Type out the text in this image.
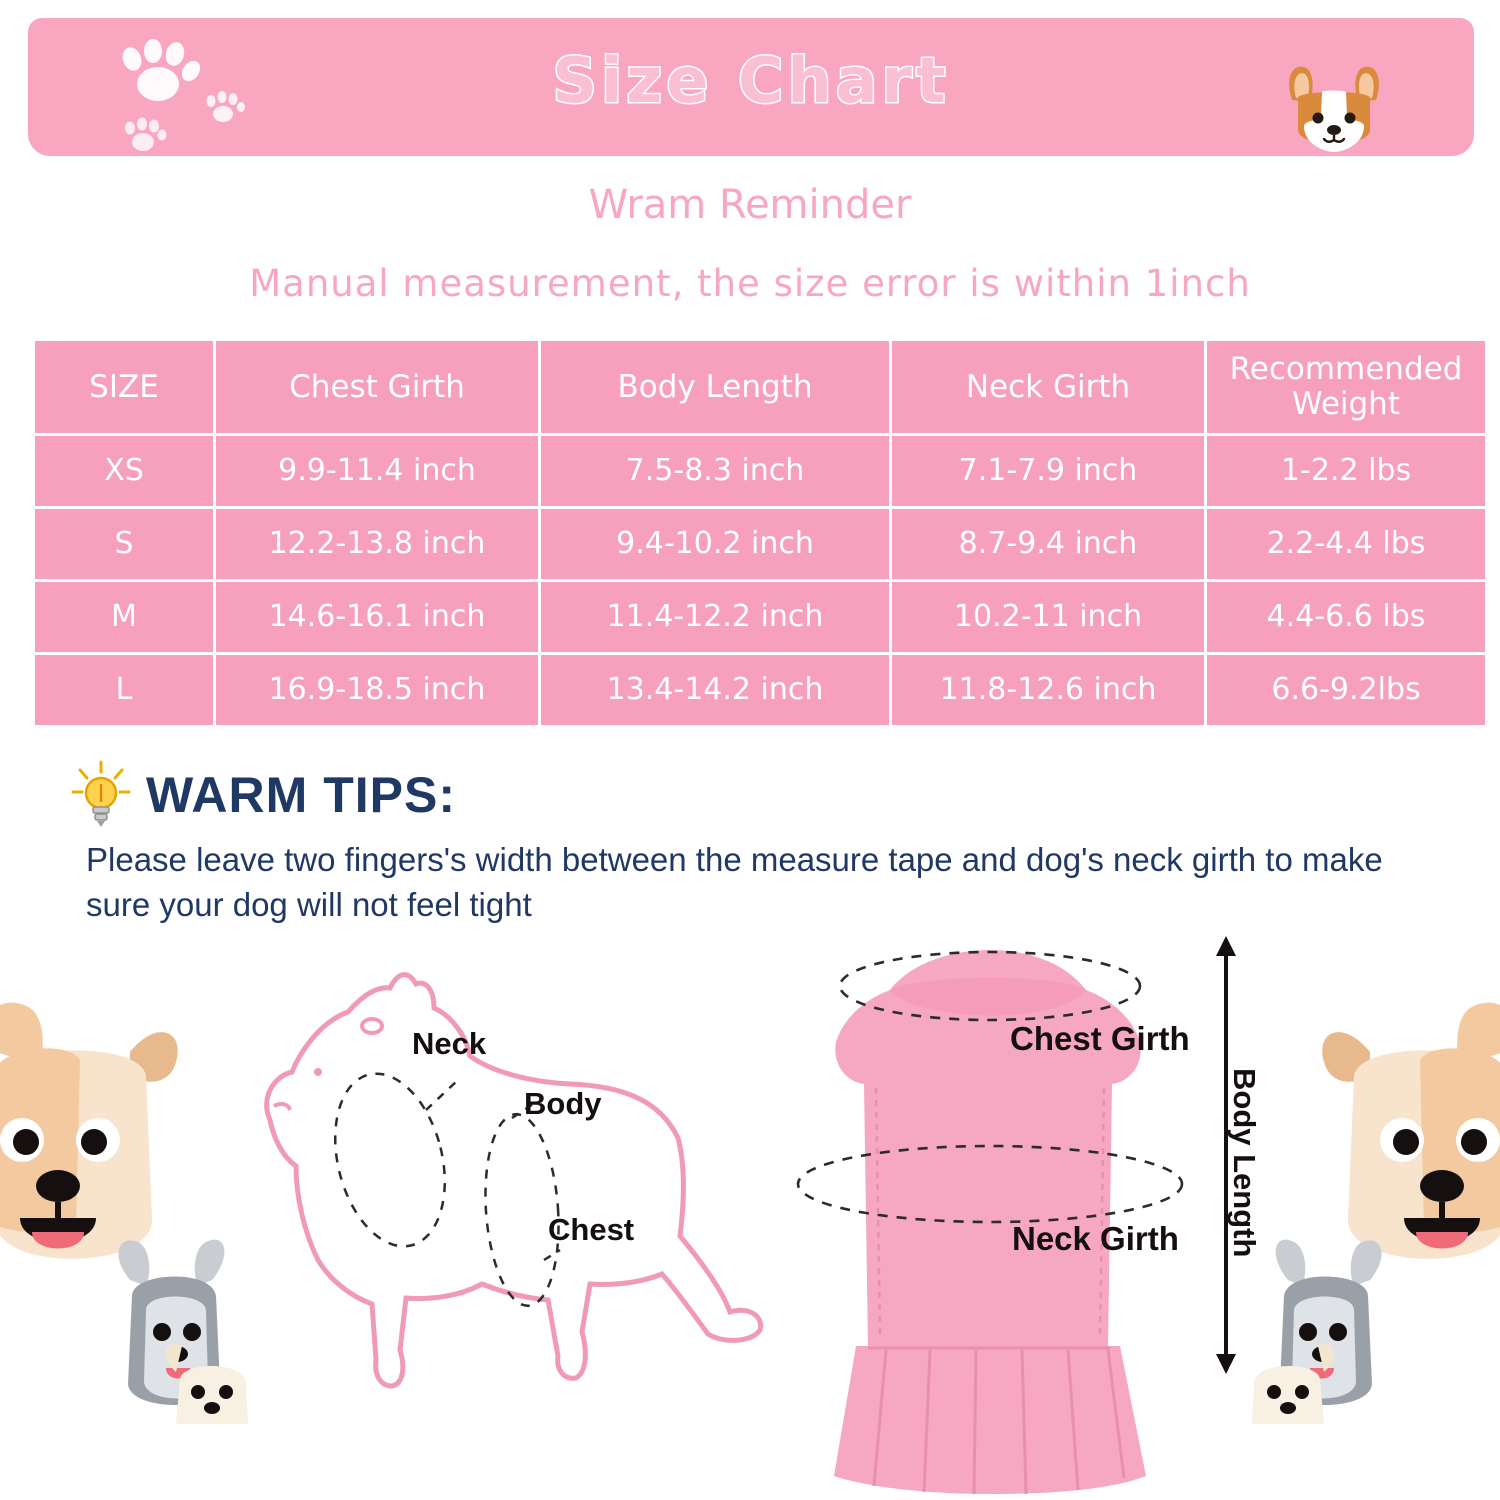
Size Chart
Wram Reminder
Manual measurement, the size error is within 1inch
SIZE	Chest Girth	Body Length	Neck Girth	Recommended Weight
XS	9.9-11.4 inch	7.5-8.3 inch	7.1-7.9 inch	1-2.2 lbs
S	12.2-13.8 inch	9.4-10.2 inch	8.7-9.4 inch	2.2-4.4 lbs
M	14.6-16.1 inch	11.4-12.2 inch	10.2-11 inch	4.4-6.6 lbs
L	16.9-18.5 inch	13.4-14.2 inch	11.8-12.6 inch	6.6-9.2lbs
WARM TIPS:
Please leave two fingers's width between the measure tape and dog's neck girth to make sure your dog will not feel tight
Neck
Body
Chest
Chest Girth
Neck Girth Body Length
